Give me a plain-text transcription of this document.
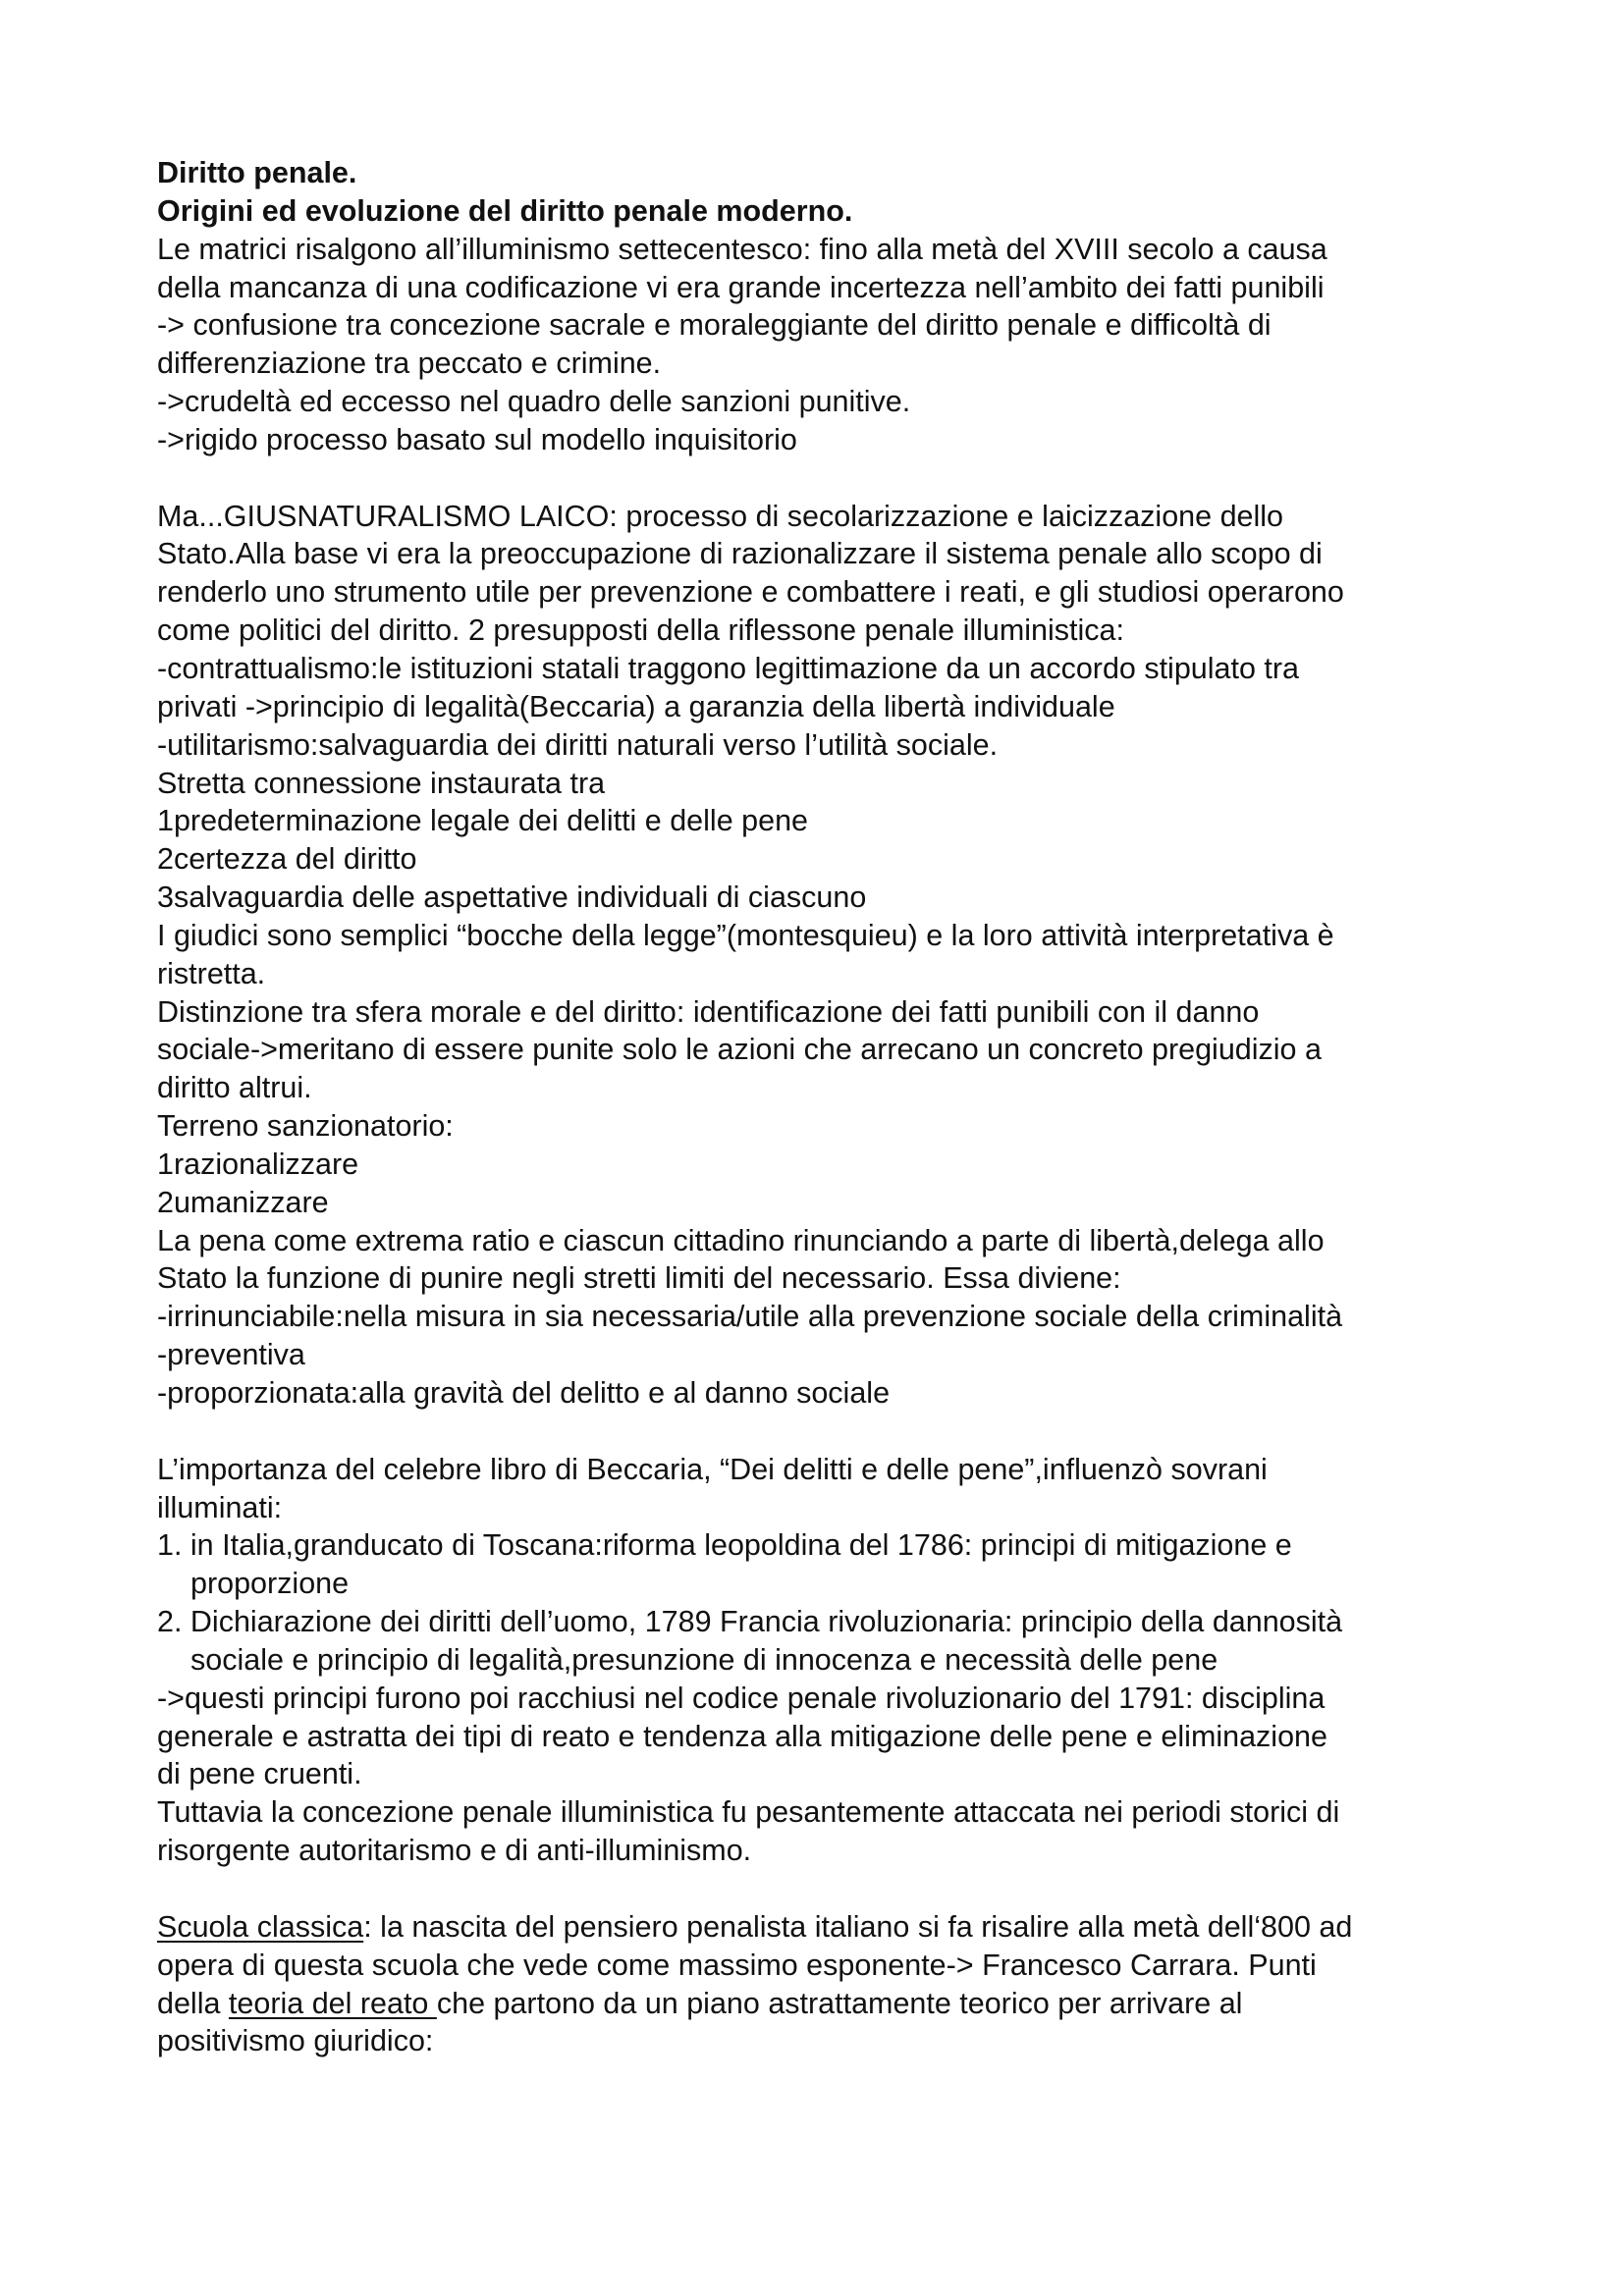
Diritto penale.
Origini ed evoluzione del diritto penale moderno.
Le matrici risalgono all’illuminismo settecentesco: fino alla metà del XVIII secolo a causa
della mancanza di una codificazione vi era grande incertezza nell’ambito dei fatti punibili
-> confusione tra concezione sacrale e moraleggiante del diritto penale e difficoltà di
differenziazione tra peccato e crimine.
->crudeltà ed eccesso nel quadro delle sanzioni punitive.
->rigido processo basato sul modello inquisitorio
Ma...GIUSNATURALISMO LAICO: processo di secolarizzazione e laicizzazione dello
Stato.Alla base vi era la preoccupazione di razionalizzare il sistema penale allo scopo di
renderlo uno strumento utile per prevenzione e combattere i reati, e gli studiosi operarono
come politici del diritto. 2 presupposti della riflessone penale illuministica:
-contrattualismo:le istituzioni statali traggono legittimazione da un accordo stipulato tra
privati ->principio di legalità(Beccaria) a garanzia della libertà individuale
-utilitarismo:salvaguardia dei diritti naturali verso l’utilità sociale.
Stretta connessione instaurata tra
1predeterminazione legale dei delitti e delle pene
2certezza del diritto
3salvaguardia delle aspettative individuali di ciascuno
I giudici sono semplici “bocche della legge”(montesquieu) e la loro attività interpretativa è
ristretta.
Distinzione tra sfera morale e del diritto: identificazione dei fatti punibili con il danno
sociale->meritano di essere punite solo le azioni che arrecano un concreto pregiudizio a
diritto altrui.
Terreno sanzionatorio:
1razionalizzare
2umanizzare
La pena come extrema ratio e ciascun cittadino rinunciando a parte di libertà,delega allo
Stato la funzione di punire negli stretti limiti del necessario. Essa diviene:
-irrinunciabile:nella misura in sia necessaria/utile alla prevenzione sociale della criminalità
-preventiva
-proporzionata:alla gravità del delitto e al danno sociale
L’importanza del celebre libro di Beccaria, “Dei delitti e delle pene”,influenzò sovrani
illuminati:
1. in Italia,granducato di Toscana:riforma leopoldina del 1786: principi di mitigazione e
proporzione
2. Dichiarazione dei diritti dell’uomo, 1789 Francia rivoluzionaria: principio della dannosità
sociale e principio di legalità,presunzione di innocenza e necessità delle pene
->questi principi furono poi racchiusi nel codice penale rivoluzionario del 1791: disciplina
generale e astratta dei tipi di reato e tendenza alla mitigazione delle pene e eliminazione
di pene cruenti.
Tuttavia la concezione penale illuministica fu pesantemente attaccata nei periodi storici di
risorgente autoritarismo e di anti-illuminismo.
Scuola classica: la nascita del pensiero penalista italiano si fa risalire alla metà dell‘800 ad
opera di questa scuola che vede come massimo esponente-> Francesco Carrara. Punti
della teoria del reato che partono da un piano astrattamente teorico per arrivare al
positivismo giuridico:
